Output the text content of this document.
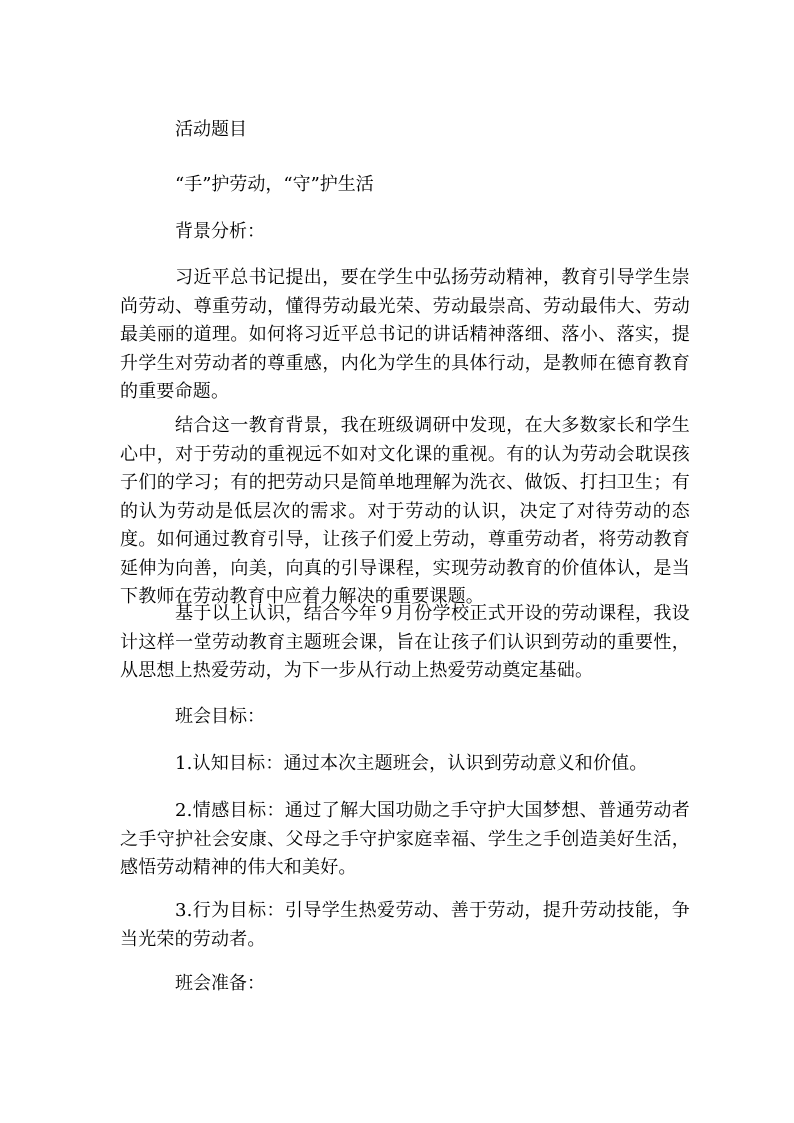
活动题目

“手”护劳动，“守”护生活

背景分析：

习近平总书记提出，要在学生中弘扬劳动精神，教育引导学生崇尚劳动、尊重劳动，懂得劳动最光荣、劳动最崇高、劳动最伟大、劳动最美丽的道理。如何将习近平总书记的讲话精神落细、落小、落实，提升学生对劳动者的尊重感，内化为学生的具体行动，是教师在德育教育的重要命题。

结合这一教育背景，我在班级调研中发现，在大多数家长和学生心中，对于劳动的重视远不如对文化课的重视。有的认为劳动会耽误孩子们的学习；有的把劳动只是简单地理解为洗衣、做饭、打扫卫生；有的认为劳动是低层次的需求。对于劳动的认识，决定了对待劳动的态度。如何通过教育引导，让孩子们爱上劳动，尊重劳动者，将劳动教育延伸为向善，向美，向真的引导课程，实现劳动教育的价值体认，是当下教师在劳动教育中应着力解决的重要课题。

基于以上认识，结合今年９月份学校正式开设的劳动课程，我设计这样一堂劳动教育主题班会课，旨在让孩子们认识到劳动的重要性，从思想上热爱劳动，为下一步从行动上热爱劳动奠定基础。

班会目标：

1.认知目标：通过本次主题班会，认识到劳动意义和价值。

2.情感目标：通过了解大国功勋之手守护大国梦想、普通劳动者之手守护社会安康、父母之手守护家庭幸福、学生之手创造美好生活，感悟劳动精神的伟大和美好。

3.行为目标：引导学生热爱劳动、善于劳动，提升劳动技能，争当光荣的劳动者。

班会准备：
